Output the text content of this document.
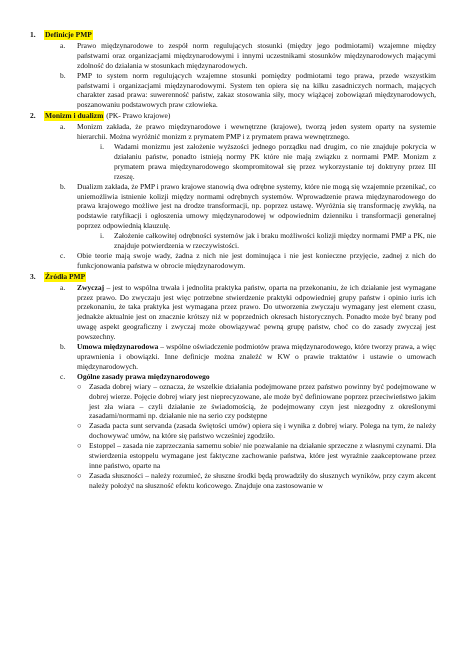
1.	Definicje PMP
a. Prawo międzynarodowe to zespół norm regulujących stosunki (między jego podmiotami) wzajemne między państwami oraz organizacjami międzynarodowymi i innymi uczestnikami stosunków międzynarodowych mającymi zdolność do działania w stosunkach międzynarodowych.
b. PMP to system norm regulujących wzajemne stosunki pomiędzy podmiotami tego prawa, przede wszystkim państwami i organizacjami międzynarodowymi. System ten opiera się na kilku zasadniczych normach, mających charakter zasad prawa: suwerenność państw, zakaz stosowania siły, mocy wiążącej zobowiązań międzynarodowych, poszanowaniu podstawowych praw człowieka.
2.	Monizm i dualizm (PK- Prawo krajowe)
a. Monizm zakłada, że prawo międzynarodowe i wewnętrzne (krajowe), tworzą jeden system oparty na systemie hierarchii. Można wyróżnić monizm z prymatem PMP i z prymatem prawa wewnętrznego.
i. Wadami monizmu jest założenie wyższości jednego porządku nad drugim, co nie znajduje pokrycia w działaniu państw, ponadto istnieją normy PK które nie mają związku z normami PMP. Monizm z prymatem prawa międzynarodowego skompromitował się przez wykorzystanie tej doktryny przez III rzeszę.
b. Dualizm zakłada, że PMP i prawo krajowe stanowią dwa odrębne systemy, które nie mogą się wzajemnie przenikać, co uniemożliwia istnienie kolizji między normami odrębnych systemów. Wprowadzenie prawa międzynarodowego do prawa krajowego możliwe jest na drodze transformacji, np. poprzez ustawę. Wyróżnia się transformację zwykłą, na podstawie ratyfikacji i ogłoszenia umowy międzynarodowej w odpowiednim dzienniku i transformacji generalnej poprzez odpowiednią klauzulę.
i. Założenie całkowitej odrębności systemów jak i braku możliwości kolizji między normami PMP a PK, nie znajduje potwierdzenia w rzeczywistości.
c. Obie teorie mają swoje wady, żadna z nich nie jest dominująca i nie jest konieczne przyjęcie, zadnej z nich do funkcjonowania państwa w obrocie międzynarodowym.
3.	Źródła PMP
a. Zwyczaj – jest to wspólna trwała i jednolita praktyka państw, oparta na przekonaniu, że ich działanie jest wymagane przez prawo. Do zwyczaju jest więc potrzebne stwierdzenie praktyki odpowiedniej grupy państw i opinio iuris ich przekonaniu, że taka praktyka jest wymagana przez prawo. Do utworzenia zwyczaju wymagany jest element czasu, jednakże aktualnie jest on znacznie krótszy niż w poprzednich okresach historycznych. Ponadto może być brany pod uwagę aspekt geograficzny i zwyczaj może obowiązywać pewną grupę państw, choć co do zasady zwyczaj jest powszechny.
b. Umowa międzynarodowa – wspólne oświadczenie podmiotów prawa międzynarodowego, które tworzy prawa, a więc uprawnienia i obowiązki. Inne definicje można znaleźć w KW o prawie traktatów i ustawie o umowach międzynarodowych.
c. Ogólne zasady prawa międzynarodowego
○ Zasada dobrej wiary – oznacza, że wszelkie działania podejmowane przez państwo powinny być podejmowane w dobrej wierze. Pojęcie dobrej wiary jest nieprecyzowane, ale może być definiowane poprzez przeciwieństwo jakim jest zła wiara – czyli działanie ze świadomością, że podejmowany czyn jest niezgodny z określonymi zasadami/normami np. działanie nie na serio czy podstępne
○ Zasada pacta sunt servanda (zasada świętości umów) opiera się i wynika z dobrej wiary. Polega na tym, że należy dochowywać umów, na które się państwo wcześniej zgodziło.
○ Estoppel – zasada nie zaprzeczania samemu sobie/ nie pozwalanie na działanie sprzeczne z własnymi czynami. Dla stwierdzenia estoppelu wymagane jest faktyczne zachowanie państwa, które jest wyraźnie zaakceptowane przez inne państwo, oparte na
○ Zasada słuszności – należy rozumieć, że słuszne środki będą prowadziły do słusznych wyników, przy czym akcent należy położyć na słuszność efektu końcowego. Znajduje ona zastosowanie w
